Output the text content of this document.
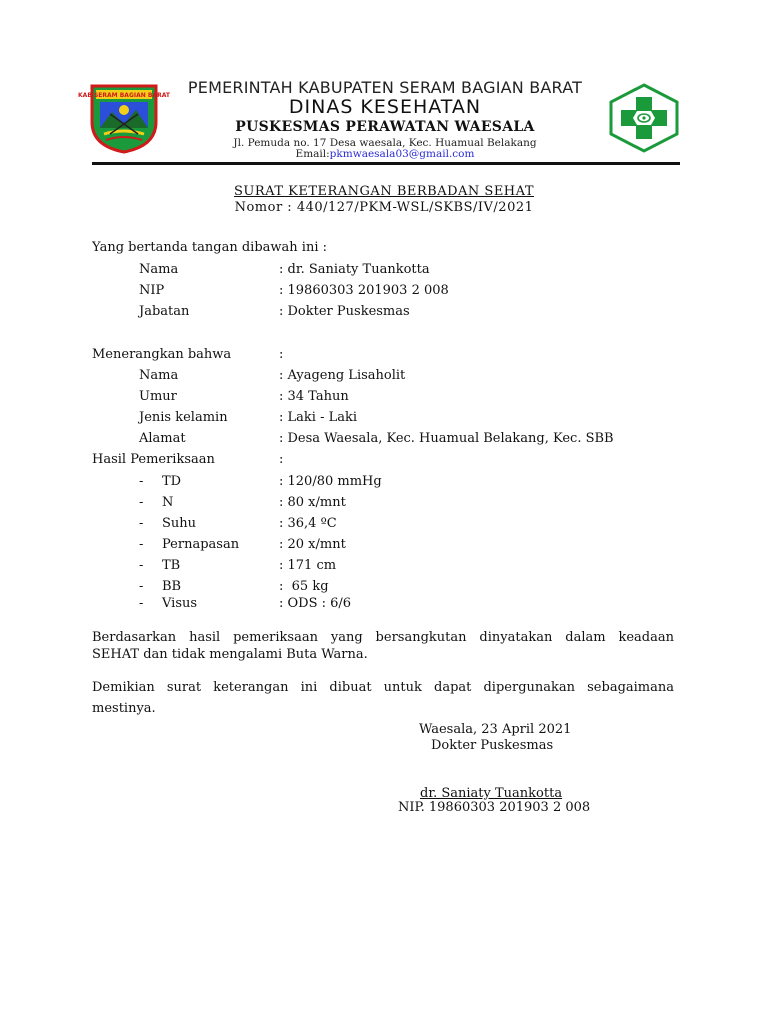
KAB SERAM BAGIAN BARAT	PEMERINTAH KABUPATEN SERAM BAGIAN BARAT
DINAS KESEHATAN
PUSKESMAS PERAWATAN WAESALA
Jl. Pemuda no. 17 Desa waesala, Kec. Huamual Belakang
Email:pkmwaesala03@gmail.com
SURAT KETERANGAN BERBADAN SEHAT
Nomor : 440/127/PKM-WSL/SKBS/IV/2021
Yang bertanda tangan dibawah ini :
Nama	: dr. Saniaty Tuankotta
NIP	: 19860303 201903 2 008
Jabatan	: Dokter Puskesmas
Menerangkan bahwa	:
Nama	: Ayageng Lisaholit
Umur	: 34 Tahun
Jenis kelamin	: Laki - Laki
Alamat	: Desa Waesala, Kec. Huamual Belakang, Kec. SBB
Hasil Pemeriksaan	:
- TD	: 120/80 mmHg
- N	: 80 x/mnt
- Suhu	: 36,4 ºC
- Pernapasan	: 20 x/mnt
- TB	: 171 cm
- BB	:  65 kg
- Visus	: ODS : 6/6
Berdasarkan hasil pemeriksaan yang bersangkutan dinyatakan dalam keadaan
SEHAT dan tidak mengalami Buta Warna.
Demikian surat keterangan ini dibuat untuk dapat dipergunakan sebagaimana
mestinya.
Waesala, 23 April 2021
Dokter Puskesmas
dr. Saniaty Tuankotta
NIP. 19860303 201903 2 008
